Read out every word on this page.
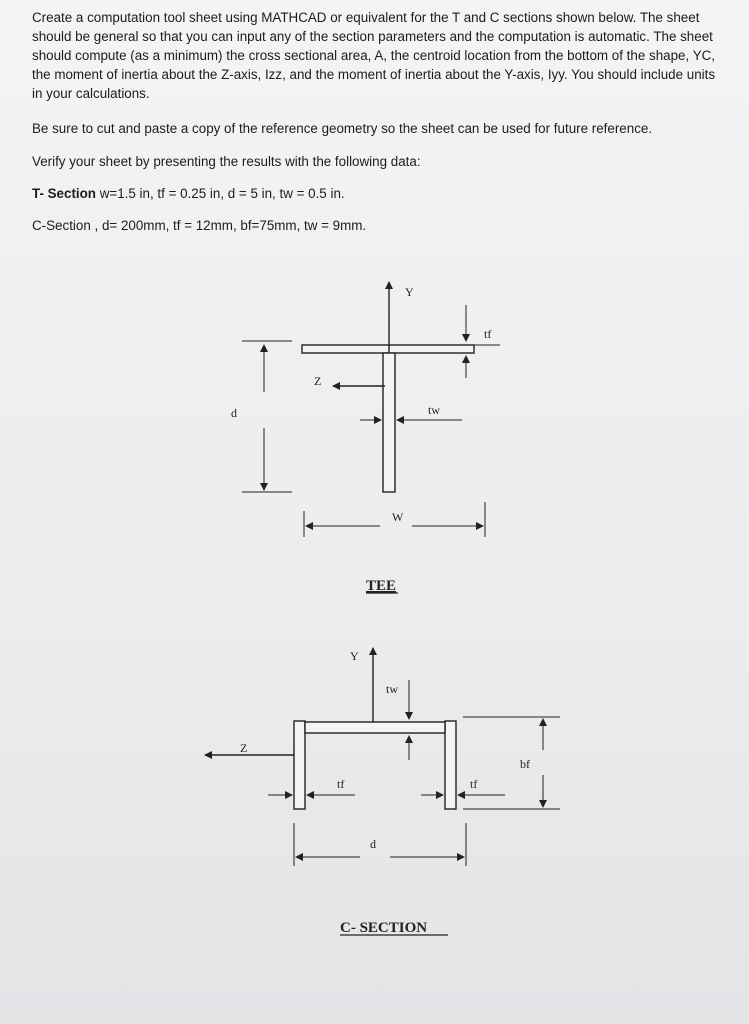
Create a computation tool sheet using MATHCAD or equivalent for the T and C sections shown below. The sheet should be general so that you can input any of the section parameters and the computation is automatic. The sheet should compute (as a minimum) the cross sectional area, A, the centroid location from the bottom of the shape, YC, the moment of inertia about the Z-axis, Izz, and the moment of inertia about the Y-axis, Iyy. You should include units in your calculations.
Be sure to cut and paste a copy of the reference geometry so the sheet can be used for future reference.
Verify your sheet by presenting the results with the following data:
T- Section w=1.5 in, tf = 0.25 in, d = 5 in, tw = 0.5 in.
C-Section , d= 200mm, tf = 12mm, bf=75mm, tw = 9mm.
Y
Z
tf
tw
d
W
TEE
Y
Z
tw
tf	tf
bf
d
C- SECTION
